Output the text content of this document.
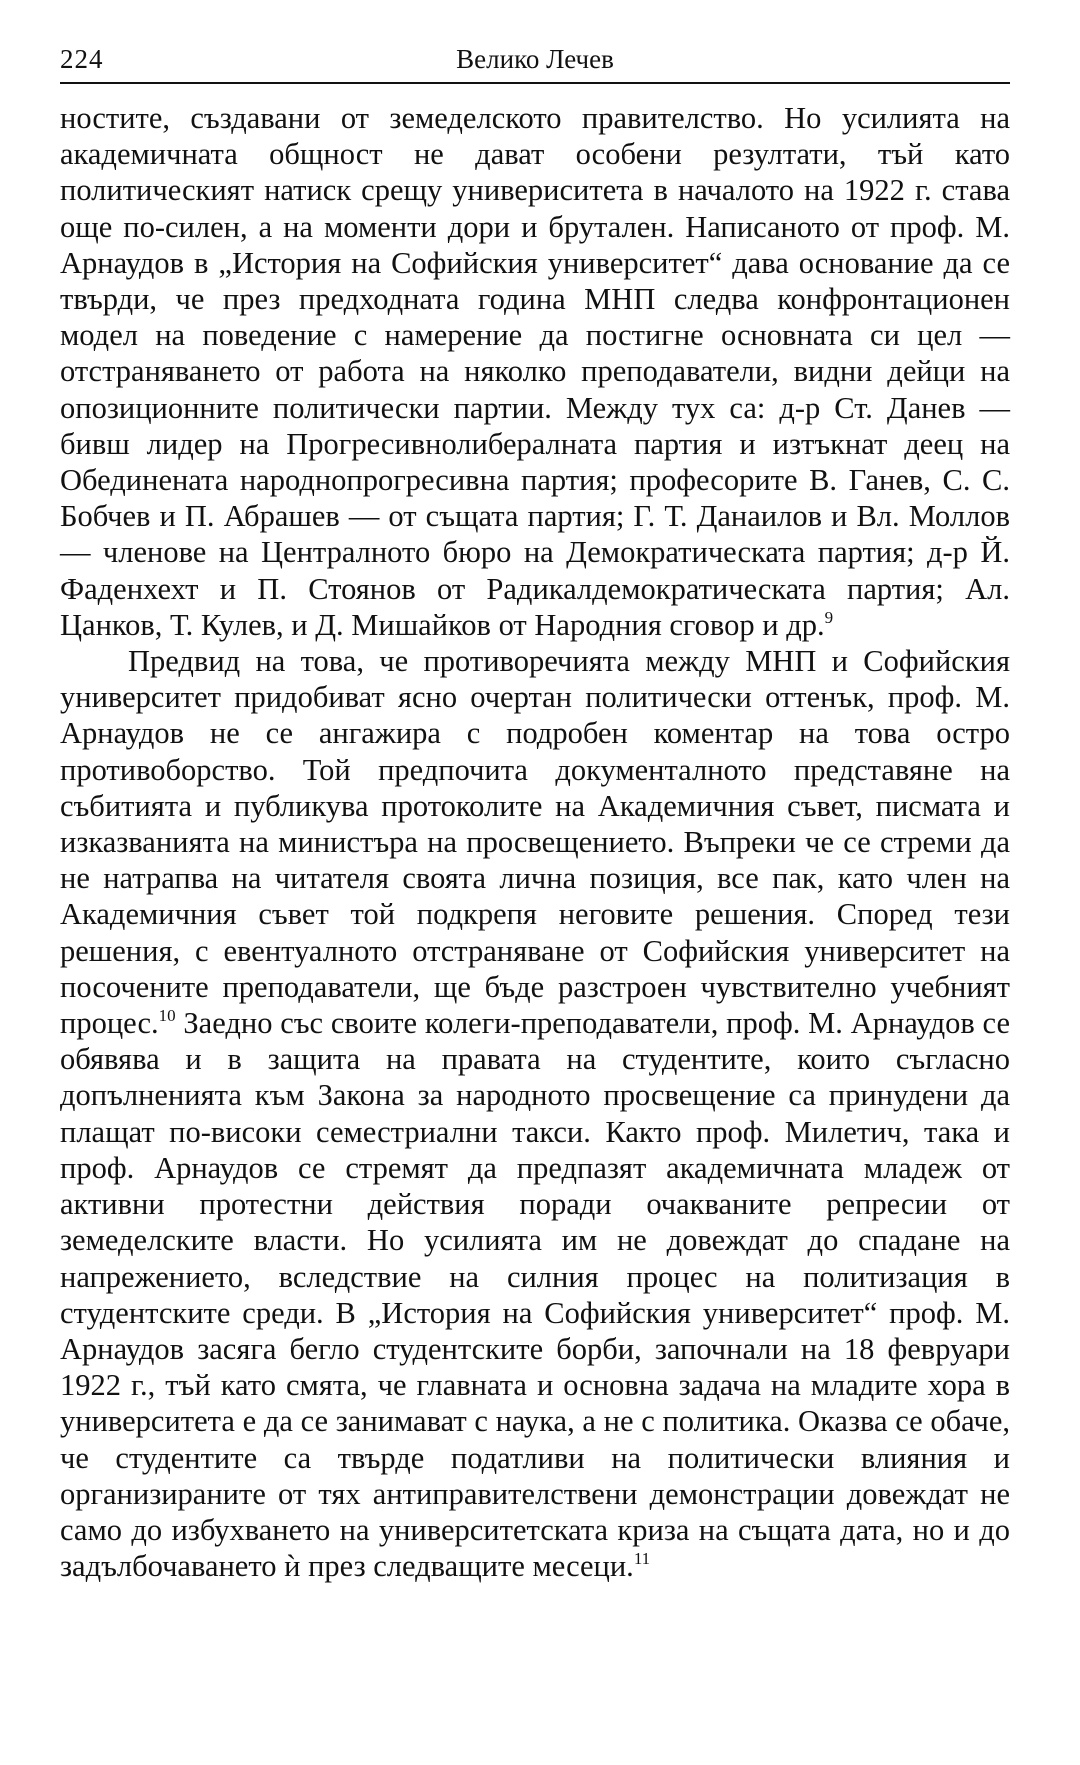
224	Велико Лечев

ностите, създавани от земеделското правителство. Но усилията на академичната общност не дават особени резултати, тъй като политическият натиск срещу универиситета в началото на 1922 г. става още по-силен, а на моменти дори и брутален. Написаното от проф. М. Арнаудов в „История на Софийския университет“ дава основание да се твърди, че през предходната година МНП следва конфронтационен модел на поведение с намерение да постигне основната си цел — отстраняването от работа на няколко преподаватели, видни дейци на опозиционните политически партии. Между тух са: д-р Ст. Данев — бивш лидер на Прогресивнолибералната партия и изтъкнат деец на Обединената народнопрогресивна партия; професорите В. Ганев, С. С. Бобчев и П. Абрашев — от същата партия; Г. Т. Данаилов и Вл. Моллов — членове на Централното бюро на Демократическата партия; д-р Й. Фаденхехт и П. Стоянов от Радикалдемократическата партия; Ал. Цанков, Т. Кулев, и Д. Мишайков от Народния сговор и др.$^9$

Предвид на това, че противоречията между МНП и Софийския университет придобиват ясно очертан политически оттенък, проф. М. Арнаудов не се ангажира с подробен коментар на това остро противоборство. Той предпочита документалното представяне на събитията и публикува протоколите на Академичния съвет, писмата и изказванията на министъра на просвещението. Въпреки че се стреми да не натрапва на читателя своята лична позиция, все пак, като член на Академичния съвет той подкрепя неговите решения. Според тези решения, с евентуалното отстраняване от Софийския университет на посочените преподаватели, ще бъде разстроен чувствително учебният процес.$^{10}$ Заедно със своите колеги-преподаватели, проф. М. Арнаудов се обявява и в защита на правата на студентите, които съгласно допълненията към Закона за народното просвещение са принудени да плащат по-високи семестриални такси. Както проф. Милетич, така и проф. Арнаудов се стремят да предпазят академичната младеж от активни протестни действия поради очакваните репресии от земеделските власти. Но усилията им не довеждат до спадане на напрежението, вследствие на силния процес на политизация в студентските среди. В „История на Софийския университет“ проф. М. Арнаудов засяга бегло студентските борби, започнали на 18 февруари 1922 г., тъй като смята, че главната и основна задача на младите хора в университета е да се занимават с наука, а не с политика. Оказва се обаче, че студентите са твърде податливи на политически влияния и организираните от тях антиправителствени демонстрации довеждат не само до избухването на университетската криза на същата дата, но и до задълбочаването ѝ през следващите месеци.$^{11}$
